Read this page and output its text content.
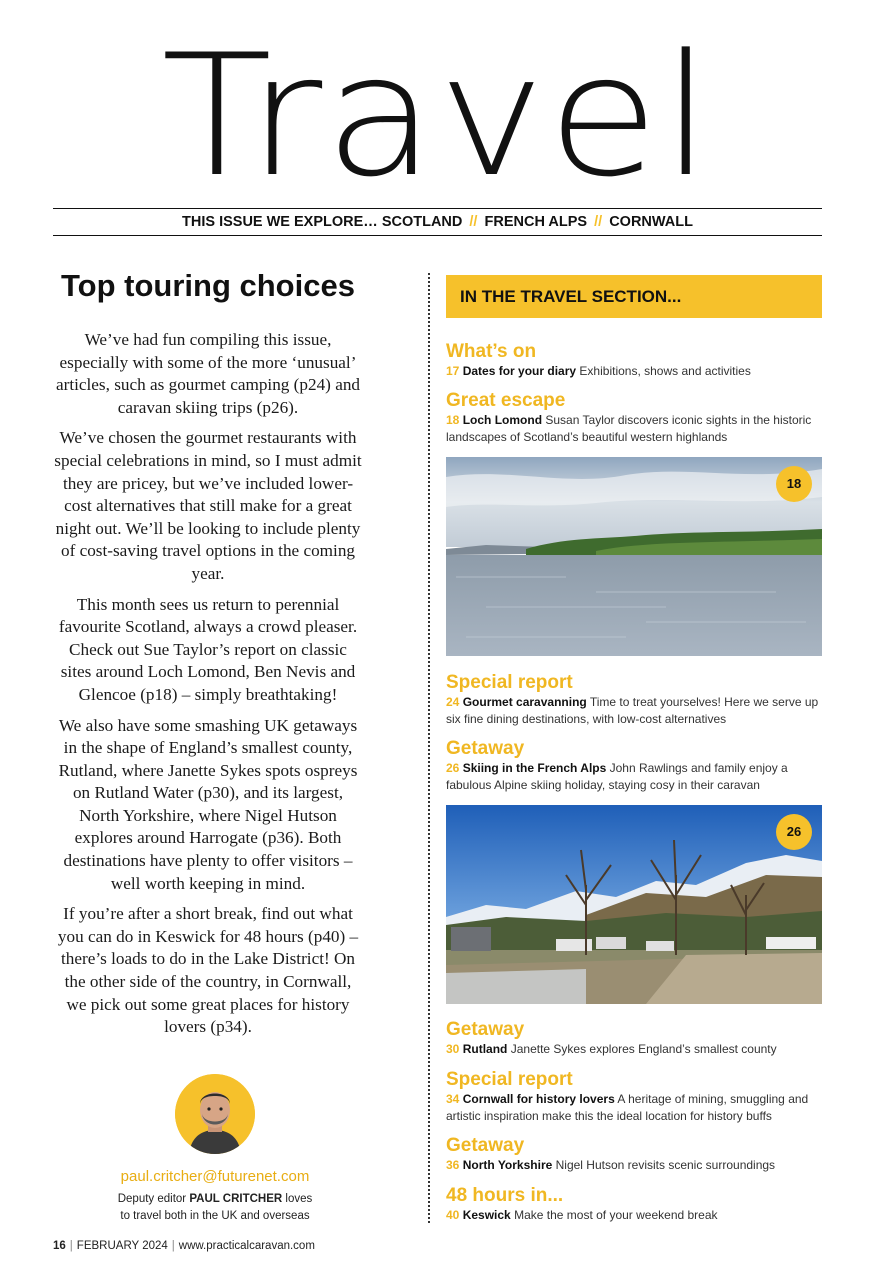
Travel
THIS ISSUE WE EXPLORE… SCOTLAND // FRENCH ALPS // CORNWALL
Top touring choices

We’ve had fun compiling this issue, especially with some of the more ‘unusual’ articles, such as gourmet camping (p24) and caravan skiing trips (p26).

We’ve chosen the gourmet restaurants with special celebrations in mind, so I must admit they are pricey, but we’ve included lower-cost alternatives that still make for a great night out. We’ll be looking to include plenty of cost-saving travel options in the coming year.

This month sees us return to perennial favourite Scotland, always a crowd pleaser. Check out Sue Taylor’s report on classic sites around Loch Lomond, Ben Nevis and Glencoe (p18) – simply breathtaking!

We also have some smashing UK getaways in the shape of England’s smallest county, Rutland, where Janette Sykes spots ospreys on Rutland Water (p30), and its largest, North Yorkshire, where Nigel Hutson explores around Harrogate (p36). Both destinations have plenty to offer visitors – well worth keeping in mind.

If you’re after a short break, find out what you can do in Keswick for 48 hours (p40) – there’s loads to do in the Lake District! On the other side of the country, in Cornwall, we pick out some great places for history lovers (p34).

paul.critcher@futurenet.com
Deputy editor PAUL CRITCHER loves
to travel both in the UK and overseas
IN THE TRAVEL SECTION...
What’s on
17 Dates for your diary Exhibitions, shows and activities
Great escape
18 Loch Lomond Susan Taylor discovers iconic sights in the historic landscapes of Scotland’s beautiful western highlands
18
Special report
24 Gourmet caravanning Time to treat yourselves! Here we serve up six fine dining destinations, with low-cost alternatives
Getaway
26 Skiing in the French Alps John Rawlings and family enjoy a fabulous Alpine skiing holiday, staying cosy in their caravan
26
Getaway
30 Rutland Janette Sykes explores England’s smallest county
Special report
34 Cornwall for history lovers A heritage of mining, smuggling and artistic inspiration make this the ideal location for history buffs
Getaway
36 North Yorkshire Nigel Hutson revisits scenic surroundings
48 hours in...
40 Keswick Make the most of your weekend break
16 | FEBRUARY 2024 | www.practicalcaravan.com
